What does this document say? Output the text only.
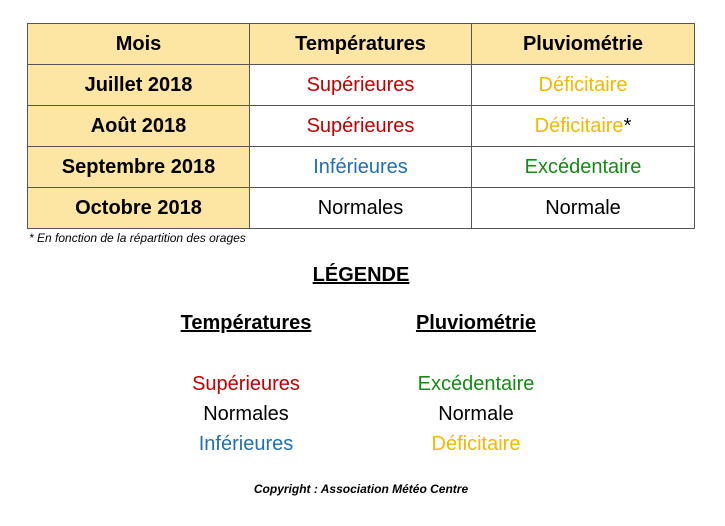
Mois	Températures	Pluviométrie
Juillet 2018	Supérieures	Déficitaire
Août 2018	Supérieures	Déficitaire*
Septembre 2018	Inférieures	Excédentaire
Octobre 2018	Normales	Normale
* En fonction de la répartition des orages
LÉGENDE
Températures
Supérieures
Normales
Inférieures
Pluviométrie
Excédentaire
Normale
Déficitaire
Copyright : Association Météo Centre
